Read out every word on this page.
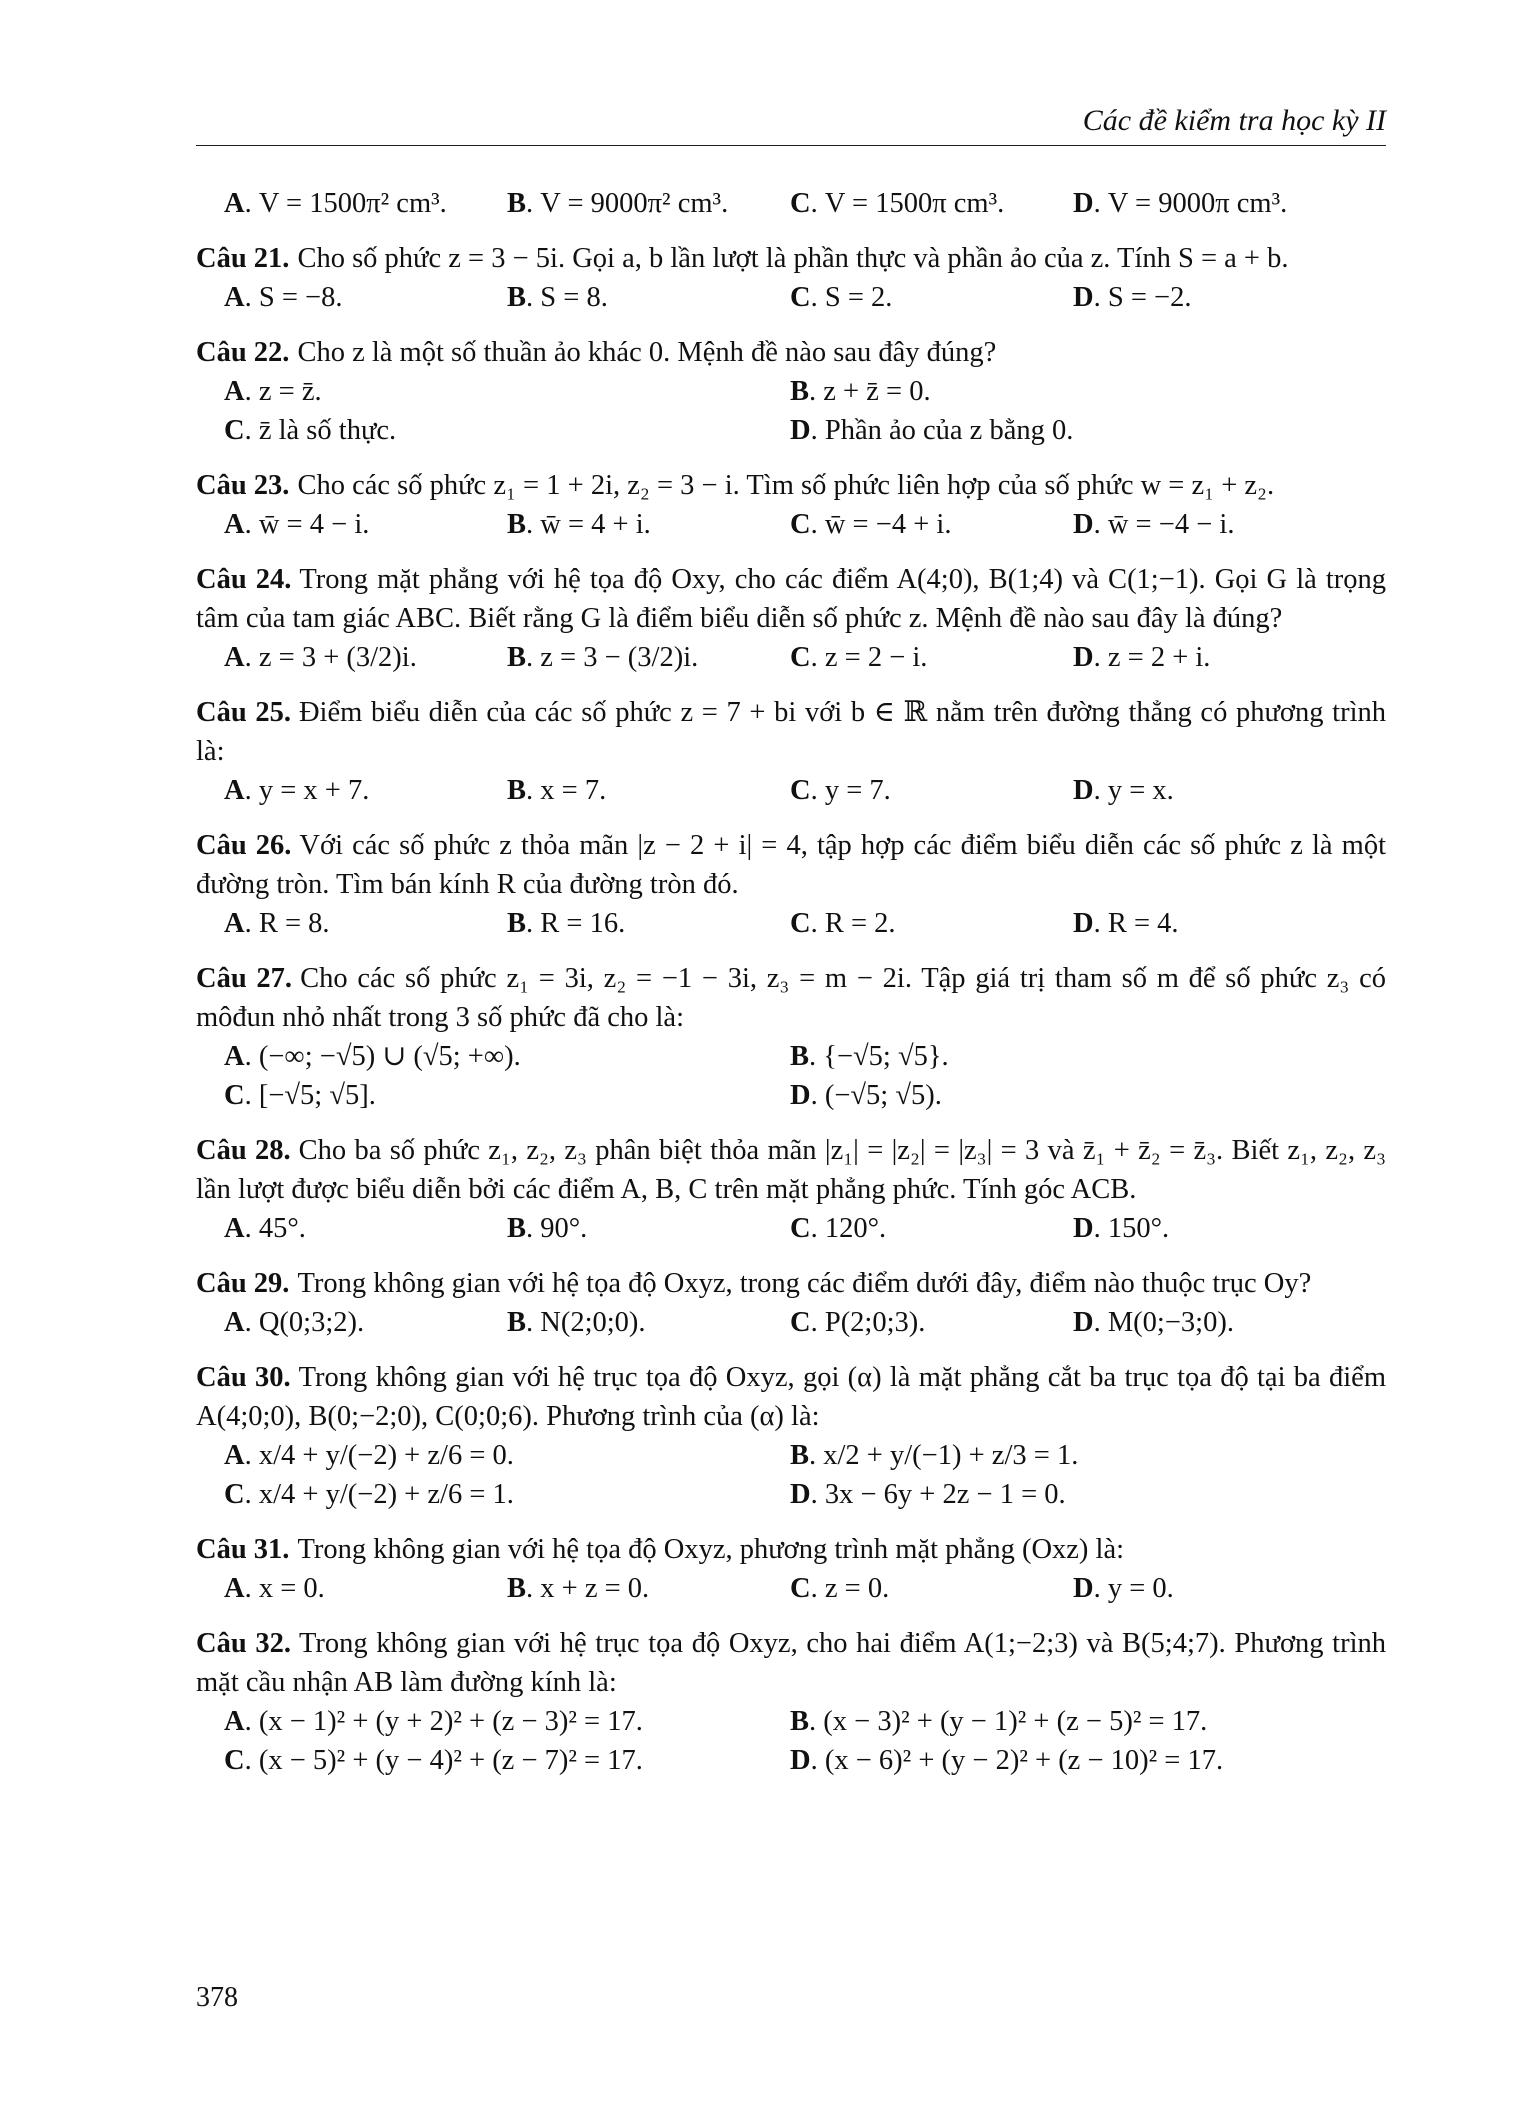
Các đề kiểm tra học kỳ II
A . V = 1500π² cm³. B . V = 9000π² cm³. C . V = 1500π cm³. D . V = 9000π cm³.
Câu 21. Cho số phức z = 3 − 5i. Gọi a, b lần lượt là phần thực và phần ảo của z. Tính S = a + b.
A . S = −8.	B . S = 8.	C . S = 2.	D . S = −2.
Câu 22. Cho z là một số thuần ảo khác 0. Mệnh đề nào sau đây đúng?
A . z = z̄.	B . z + z̄ = 0.
C . z̄ là số thực.	D . Phần ảo của z bằng 0.
Câu 23. Cho các số phức z₁ = 1 + 2i, z₂ = 3 − i. Tìm số phức liên hợp của số phức w = z₁ + z₂.
A . w̄ = 4 − i.	B . w̄ = 4 + i.	C . w̄ = −4 + i.	D . w̄ = −4 − i.
Câu 24. Trong mặt phẳng với hệ tọa độ Oxy, cho các điểm A(4;0), B(1;4) và C(1;−1). Gọi G là trọng tâm của tam giác ABC. Biết rằng G là điểm biểu diễn số phức z. Mệnh đề nào sau đây là đúng?
A . z = 3 + (3/2)i.	B . z = 3 − (3/2)i.	C . z = 2 − i.	D . z = 2 + i.
Câu 25. Điểm biểu diễn của các số phức z = 7 + bi với b ∈ ℝ nằm trên đường thẳng có phương trình là:
A . y = x + 7.	B . x = 7.	C . y = 7.	D . y = x.
Câu 26. Với các số phức z thỏa mãn |z − 2 + i| = 4, tập hợp các điểm biểu diễn các số phức z là một đường tròn. Tìm bán kính R của đường tròn đó.
A . R = 8.	B . R = 16.	C . R = 2.	D . R = 4.
Câu 27. Cho các số phức z₁ = 3i, z₂ = −1 − 3i, z₃ = m − 2i. Tập giá trị tham số m để số phức z₃ có môđun nhỏ nhất trong 3 số phức đã cho là:
A . (−∞; −√5) ∪ (√5; +∞).	B . {−√5; √5}.
C . [−√5; √5].	D . (−√5; √5).
Câu 28. Cho ba số phức z₁, z₂, z₃ phân biệt thỏa mãn |z₁| = |z₂| = |z₃| = 3 và z̄₁ + z̄₂ = z̄₃. Biết z₁, z₂, z₃ lần lượt được biểu diễn bởi các điểm A, B, C trên mặt phẳng phức. Tính góc ACB.
A . 45°.	B . 90°.	C . 120°.	D . 150°.
Câu 29. Trong không gian với hệ tọa độ Oxyz, trong các điểm dưới đây, điểm nào thuộc trục Oy?
A . Q(0;3;2).	B . N(2;0;0).	C . P(2;0;3).	D . M(0;−3;0).
Câu 30. Trong không gian với hệ trục tọa độ Oxyz, gọi (α) là mặt phẳng cắt ba trục tọa độ tại ba điểm A(4;0;0), B(0;−2;0), C(0;0;6). Phương trình của (α) là:
A . x/4 + y/(−2) + z/6 = 0.	B . x/2 + y/(−1) + z/3 = 1.
C . x/4 + y/(−2) + z/6 = 1.	D . 3x − 6y + 2z − 1 = 0.
Câu 31. Trong không gian với hệ tọa độ Oxyz, phương trình mặt phẳng (Oxz) là:
A . x = 0.	B . x + z = 0.	C . z = 0.	D . y = 0.
Câu 32. Trong không gian với hệ trục tọa độ Oxyz, cho hai điểm A(1;−2;3) và B(5;4;7). Phương trình mặt cầu nhận AB làm đường kính là:
A . (x − 1)² + (y + 2)² + (z − 3)² = 17.	B . (x − 3)² + (y − 1)² + (z − 5)² = 17.
C . (x − 5)² + (y − 4)² + (z − 7)² = 17.	D . (x − 6)² + (y − 2)² + (z − 10)² = 17.
378
